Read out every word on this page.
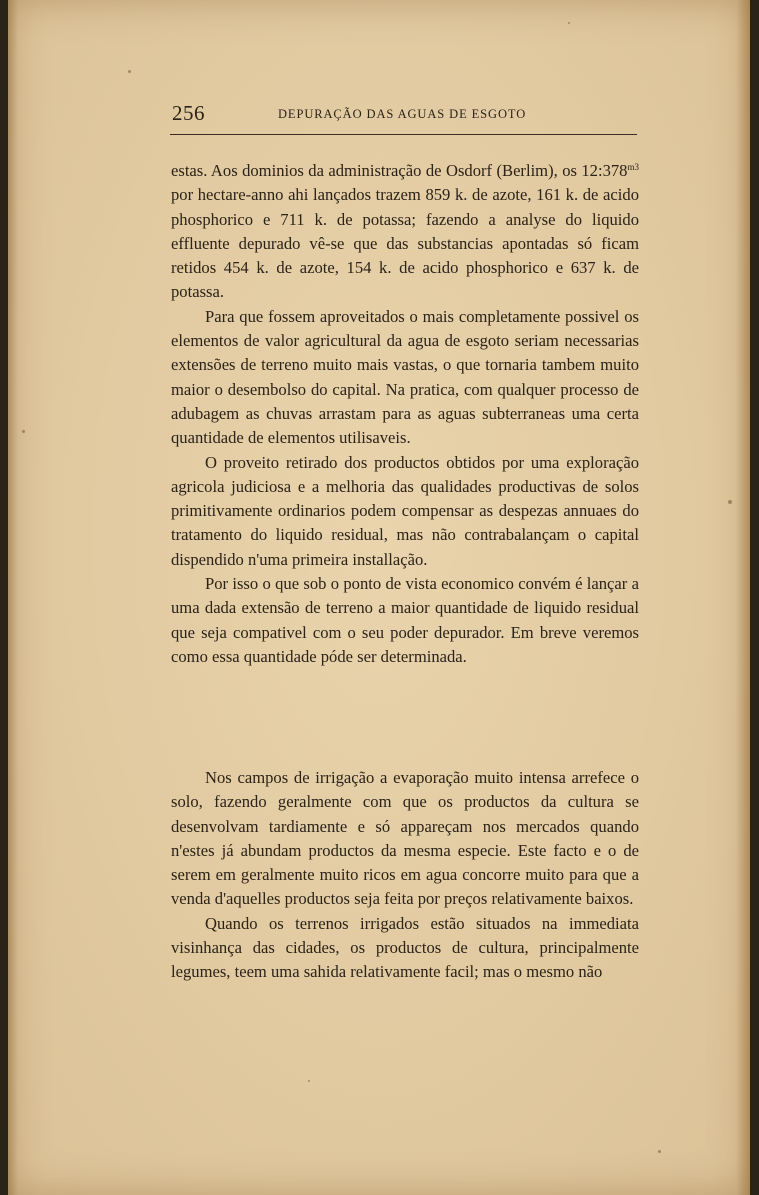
256	DEPURAÇÃO DAS AGUAS DE ESGOTO

estas. Aos dominios da administração de Osdorf (Berlim), os $12:378^{m3}$ por hectare-anno ahi lançados trazem 859 k. de azote, 161 k. de acido phosphorico e 711 k. de potassa; fazendo a analyse do liquido effluente depurado vê-se que das substancias apontadas só ficam retidos 454 k. de azote, 154 k. de acido phosphorico e 637 k. de potassa.

Para que fossem aproveitados o mais completamente possivel os elementos de valor agricultural da agua de esgoto seriam necessarias extensões de terreno muito mais vastas, o que tornaria tambem muito maior o desembolso do capital. Na pratica, com qualquer processo de adubagem as chuvas arrastam para as aguas subterraneas uma certa quantidade de elementos utilisaveis.

O proveito retirado dos productos obtidos por uma exploração agricola judiciosa e a melhoria das qualidades productivas de solos primitivamente ordinarios podem compensar as despezas annuaes do tratamento do liquido residual, mas não contrabalançam o capital dispendido n'uma primeira installação.

Por isso o que sob o ponto de vista economico convém é lançar a uma dada extensão de terreno a maior quantidade de liquido residual que seja compativel com o seu poder depurador. Em breve veremos como essa quantidade póde ser determinada.

Nos campos de irrigação a evaporação muito intensa arrefece o solo, fazendo geralmente com que os productos da cultura se desenvolvam tardiamente e só appareçam nos mercados quando n'estes já abundam productos da mesma especie. Este facto e o de serem em geralmente muito ricos em agua concorre muito para que a venda d'aquelles productos seja feita por preços relativamente baixos.

Quando os terrenos irrigados estão situados na immediata visinhança das cidades, os productos de cultura, principalmente legumes, teem uma sahida relativamente facil; mas o mesmo não
